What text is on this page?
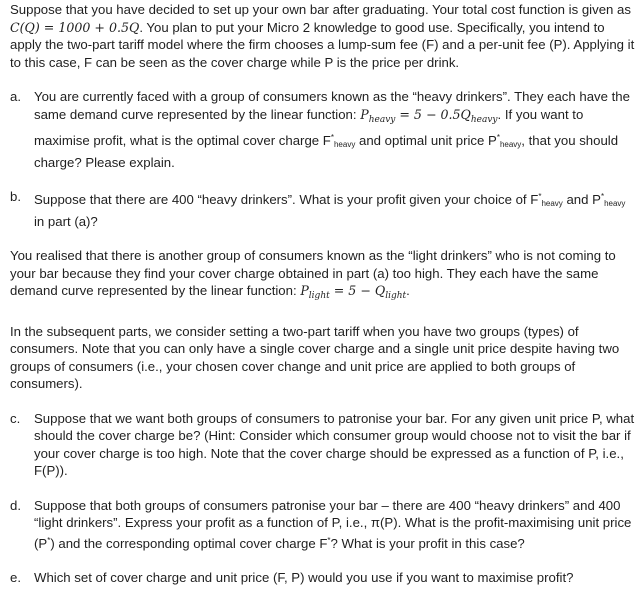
Suppose that you have decided to set up your own bar after graduating. Your total cost function is given as C(Q) = 1000 + 0.5Q. You plan to put your Micro 2 knowledge to good use. Specifically, you intend to apply the two-part tariff model where the firm chooses a lump-sum fee (F) and a per-unit fee (P). Applying it to this case, F can be seen as the cover charge while P is the price per drink.

a. You are currently faced with a group of consumers known as the “heavy drinkers”. They each have the same demand curve represented by the linear function: $P_{heavy} = 5 - 0.5Q_{heavy}$. If you want to maximise profit, what is the optimal cover charge F*heavy and optimal unit price P*heavy, that you should charge? Please explain.
b. Suppose that there are 400 “heavy drinkers”. What is your profit given your choice of F*heavy and P*heavy in part (a)?

You realised that there is another group of consumers known as the “light drinkers” who is not coming to your bar because they find your cover charge obtained in part (a) too high. They each have the same demand curve represented by the linear function: $P_{light} = 5 - Q_{light}$.

In the subsequent parts, we consider setting a two-part tariff when you have two groups (types) of consumers. Note that you can only have a single cover charge and a single unit price despite having two groups of consumers (i.e., your chosen cover change and unit price are applied to both groups of consumers).

c.	Suppose that we want both groups of consumers to patronise your bar. For any given unit price P, what should the cover charge be? (Hint: Consider which consumer group would choose not to visit the bar if your cover charge is too high. Note that the cover charge should be expressed as a function of P, i.e., F(P)).
d. Suppose that both groups of consumers patronise your bar – there are 400 “heavy drinkers” and 400 “light drinkers”. Express your profit as a function of P, i.e., π(P). What is the profit-maximising unit price (P*) and the corresponding optimal cover charge F*? What is your profit in this case?
e. Which set of cover charge and unit price (F, P) would you use if you want to maximise profit?
